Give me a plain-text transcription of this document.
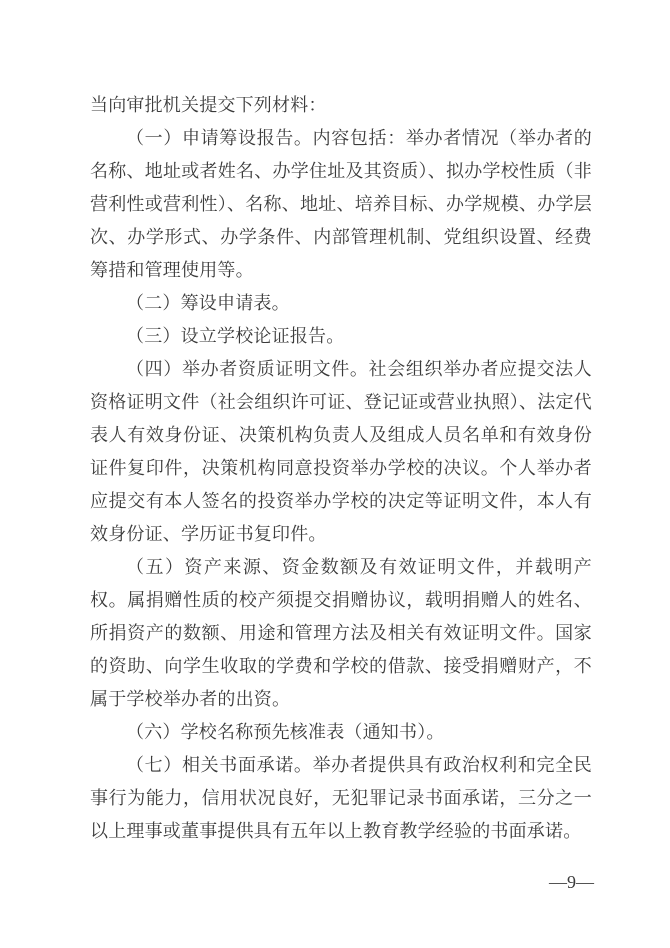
当向审批机关提交下列材料：

（一）申请筹设报告。内容包括：举办者情况（举办者的名称、地址或者姓名、办学住址及其资质）、拟办学校性质（非营利性或营利性）、名称、地址、培养目标、办学规模、办学层次、办学形式、办学条件、内部管理机制、党组织设置、经费筹措和管理使用等。

（二）筹设申请表。

（三）设立学校论证报告。

（四）举办者资质证明文件。社会组织举办者应提交法人资格证明文件（社会组织许可证、登记证或营业执照）、法定代表人有效身份证、决策机构负责人及组成人员名单和有效身份证件复印件，决策机构同意投资举办学校的决议。个人举办者应提交有本人签名的投资举办学校的决定等证明文件，本人有效身份证、学历证书复印件。

（五）资产来源、资金数额及有效证明文件，并载明产权。属捐赠性质的校产须提交捐赠协议，载明捐赠人的姓名、所捐资产的数额、用途和管理方法及相关有效证明文件。国家的资助、向学生收取的学费和学校的借款、接受捐赠财产，不属于学校举办者的出资。

（六）学校名称预先核准表（通知书）。

（七）相关书面承诺。举办者提供具有政治权利和完全民事行为能力，信用状况良好，无犯罪记录书面承诺，三分之一以上理事或董事提供具有五年以上教育教学经验的书面承诺。

—9—
